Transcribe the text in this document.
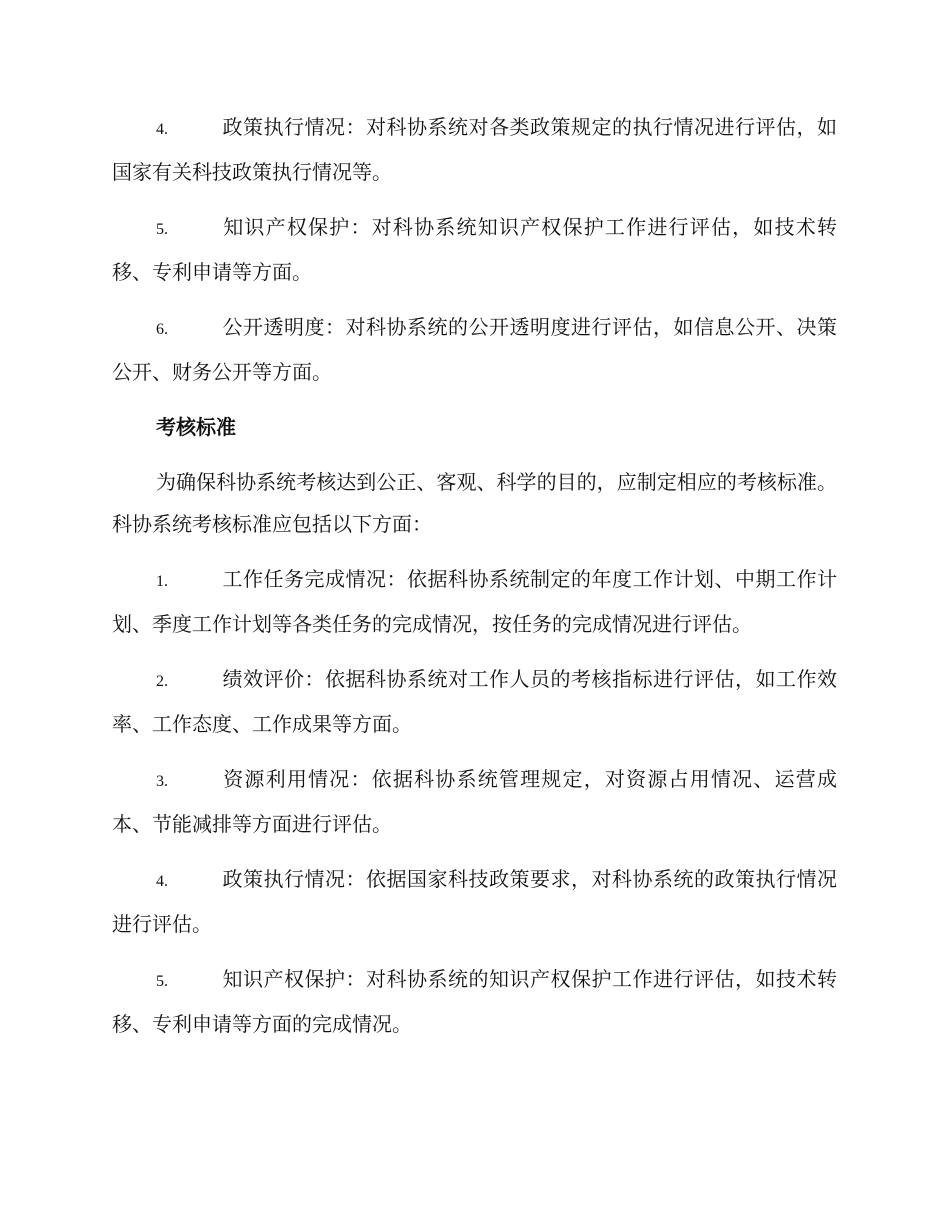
4.	政策执行情况：对科协系统对各类政策规定的执行情况进行评估，如国家有关科技政策执行情况等。

5.	知识产权保护：对科协系统知识产权保护工作进行评估，如技术转移、专利申请等方面。

6.	公开透明度：对科协系统的公开透明度进行评估，如信息公开、决策公开、财务公开等方面。

考核标准

为确保科协系统考核达到公正、客观、科学的目的，应制定相应的考核标准。科协系统考核标准应包括以下方面：

1.	工作任务完成情况：依据科协系统制定的年度工作计划、中期工作计划、季度工作计划等各类任务的完成情况，按任务的完成情况进行评估。

2.	绩效评价：依据科协系统对工作人员的考核指标进行评估，如工作效率、工作态度、工作成果等方面。

3.	资源利用情况：依据科协系统管理规定，对资源占用情况、运营成本、节能减排等方面进行评估。

4.	政策执行情况：依据国家科技政策要求，对科协系统的政策执行情况进行评估。

5.	知识产权保护：对科协系统的知识产权保护工作进行评估，如技术转移、专利申请等方面的完成情况。
